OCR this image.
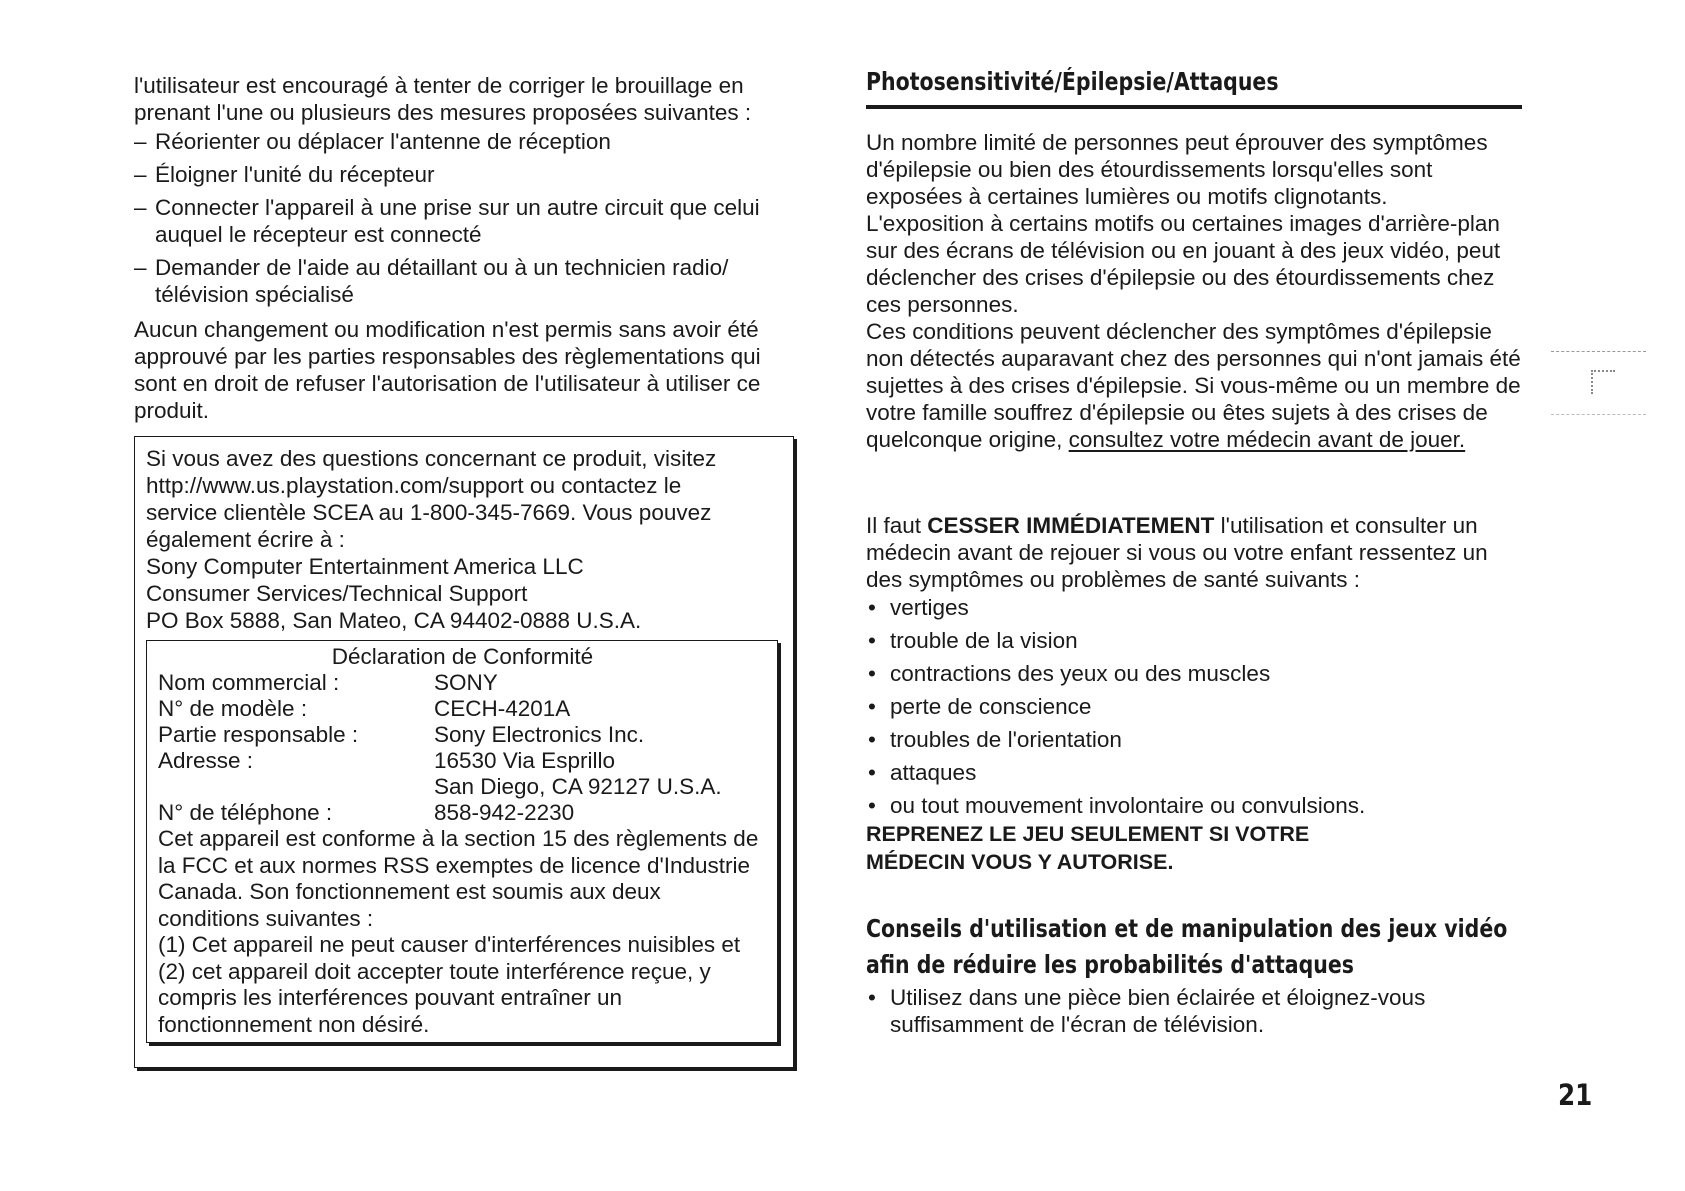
l'utilisateur est encouragé à tenter de corriger le brouillage en prenant l'une ou plusieurs des mesures proposées suivantes :

– Réorienter ou déplacer l'antenne de réception
– Éloigner l'unité du récepteur
– Connecter l'appareil à une prise sur un autre circuit que celui auquel le récepteur est connecté
– Demander de l'aide au détaillant ou à un technicien radio/ télévision spécialisé

Aucun changement ou modification n'est permis sans avoir été approuvé par les parties responsables des règlementations qui sont en droit de refuser l'autorisation de l'utilisateur à utiliser ce produit.

Si vous avez des questions concernant ce produit, visitez
http://www.us.playstation.com/support ou contactez le
service clientèle SCEA au 1-800-345-7669. Vous pouvez
également écrire à :
Sony Computer Entertainment America LLC
Consumer Services/Technical Support
PO Box 5888, San Mateo, CA 94402-0888 U.S.A.
Déclaration de Conformité
Nom commercial :	SONY
N° de modèle :	CECH-4201A
Partie responsable :	Sony Electronics Inc.
Adresse :	16530 Via Esprillo
San Diego, CA 92127 U.S.A.
N° de téléphone :	858-942-2230

Cet appareil est conforme à la section 15 des règlements de la FCC et aux normes RSS exemptes de licence d'Industrie Canada. Son fonctionnement est soumis aux deux conditions suivantes :

(1) Cet appareil ne peut causer d'interférences nuisibles et

(2) cet appareil doit accepter toute interférence reçue, y compris les interférences pouvant entraîner un fonctionnement non désiré.

Photosensitivité/Épilepsie/Attaques

Un nombre limité de personnes peut éprouver des symptômes d'épilepsie ou bien des étourdissements lorsqu'elles sont exposées à certaines lumières ou motifs clignotants.

L'exposition à certains motifs ou certaines images d'arrière-plan sur des écrans de télévision ou en jouant à des jeux vidéo, peut déclencher des crises d'épilepsie ou des étourdissements chez ces personnes.

Ces conditions peuvent déclencher des symptômes d'épilepsie non détectés auparavant chez des personnes qui n'ont jamais été sujettes à des crises d'épilepsie. Si vous-même ou un membre de votre famille souffrez d'épilepsie ou êtes sujets à des crises de quelconque origine, consultez votre médecin avant de jouer.

Il faut CESSER IMMÉDIATEMENT l'utilisation et consulter un médecin avant de rejouer si vous ou votre enfant ressentez un des symptômes ou problèmes de santé suivants :

• vertiges
• trouble de la vision
• contractions des yeux ou des muscles
• perte de conscience
• troubles de l'orientation
• attaques
• ou tout mouvement involontaire ou convulsions.

REPRENEZ LE JEU SEULEMENT SI VOTRE MÉDECIN VOUS Y AUTORISE.

Conseils d'utilisation et de manipulation des jeux vidéo
afin de réduire les probabilités d'attaques
• Utilisez dans une pièce bien éclairée et éloignez-vous suffisamment de l'écran de télévision.
21
